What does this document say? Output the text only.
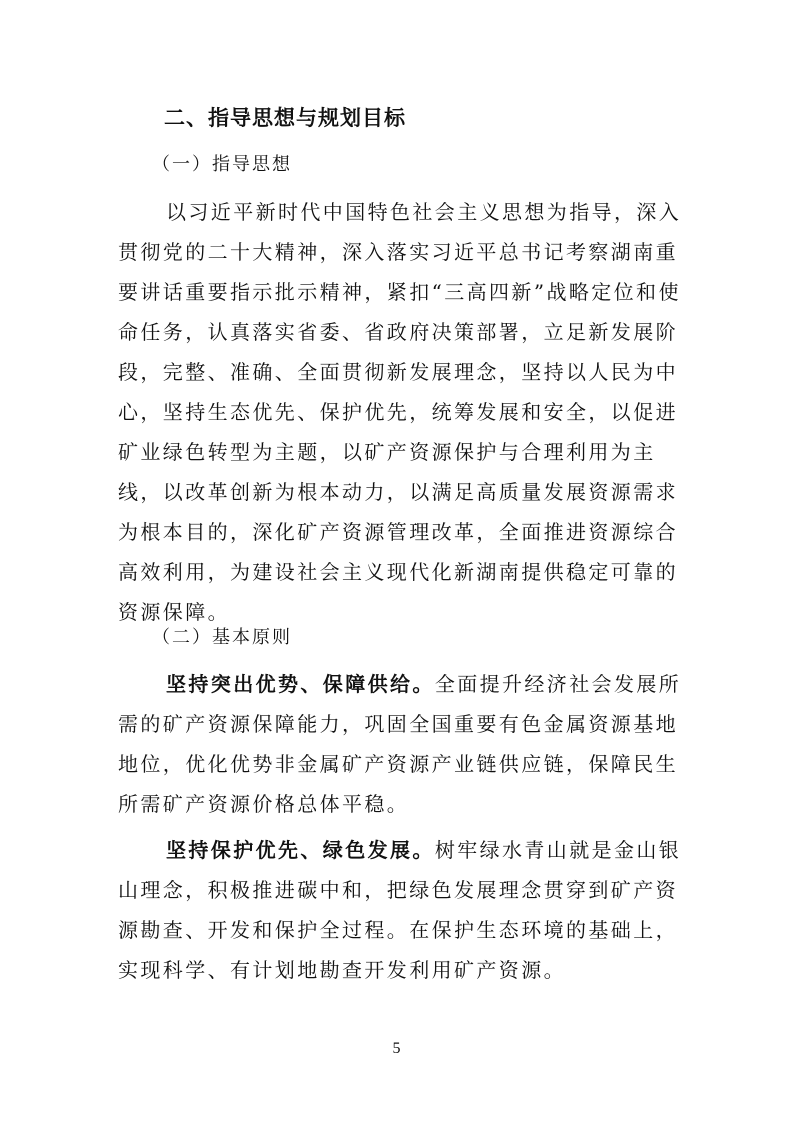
二、指导思想与规划目标
（一）指导思想

以习近平新时代中国特色社会主义思想为指导，深入贯彻党的二十大精神，深入落实习近平总书记考察湖南重要讲话重要指示批示精神，紧扣“三高四新”战略定位和使命任务，认真落实省委、省政府决策部署，立足新发展阶段，完整、准确、全面贯彻新发展理念，坚持以人民为中心，坚持生态优先、保护优先，统筹发展和安全，以促进矿业绿色转型为主题，以矿产资源保护与合理利用为主线，以改革创新为根本动力，以满足高质量发展资源需求为根本目的，深化矿产资源管理改革，全面推进资源综合高效利用，为建设社会主义现代化新湖南提供稳定可靠的资源保障。

（二）基本原则

坚持突出优势、保障供给。全面提升经济社会发展所需的矿产资源保障能力，巩固全国重要有色金属资源基地地位，优化优势非金属矿产资源产业链供应链，保障民生所需矿产资源价格总体平稳。

坚持保护优先、绿色发展。树牢绿水青山就是金山银山理念，积极推进碳中和，把绿色发展理念贯穿到矿产资源勘查、开发和保护全过程。在保护生态环境的基础上，实现科学、有计划地勘查开发利用矿产资源。

5
